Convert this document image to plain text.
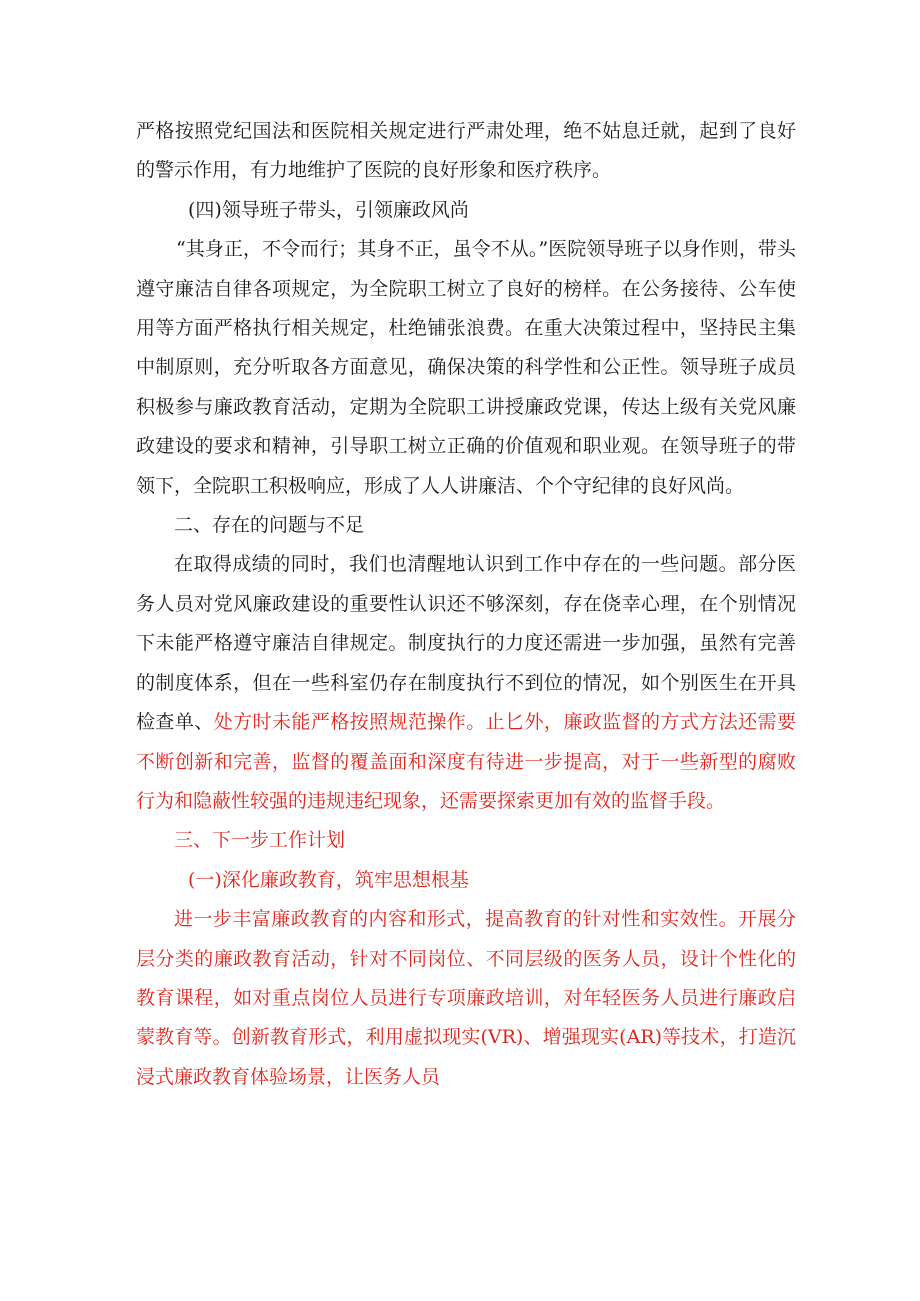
严格按照党纪国法和医院相关规定进行严肃处理，绝不姑息迁就，起到了良好的警示作用，有力地维护了医院的良好形象和医疗秩序。

(四)领导班子带头，引领廉政风尚

“其身正，不令而行；其身不正，虽令不从。”医院领导班子以身作则，带头遵守廉洁自律各项规定，为全院职工树立了良好的榜样。在公务接待、公车使用等方面严格执行相关规定，杜绝铺张浪费。在重大决策过程中，坚持民主集中制原则，充分听取各方面意见，确保决策的科学性和公正性。领导班子成员积极参与廉政教育活动，定期为全院职工讲授廉政党课，传达上级有关党风廉政建设的要求和精神，引导职工树立正确的价值观和职业观。在领导班子的带领下，全院职工积极响应，形成了人人讲廉洁、个个守纪律的良好风尚。

二、存在的问题与不足

在取得成绩的同时，我们也清醒地认识到工作中存在的一些问题。部分医务人员对党风廉政建设的重要性认识还不够深刻，存在侥幸心理，在个别情况下未能严格遵守廉洁自律规定。制度执行的力度还需进一步加强，虽然有完善的制度体系，但在一些科室仍存在制度执行不到位的情况，如个别医生在开具检查单、处方时未能严格按照规范操作。止匕外，廉政监督的方式方法还需要不断创新和完善，监督的覆盖面和深度有待进一步提高，对于一些新型的腐败行为和隐蔽性较强的违规违纪现象，还需要探索更加有效的监督手段。

三、下一步工作计划

(一)深化廉政教育，筑牢思想根基

进一步丰富廉政教育的内容和形式，提高教育的针对性和实效性。开展分层分类的廉政教育活动，针对不同岗位、不同层级的医务人员，设计个性化的教育课程，如对重点岗位人员进行专项廉政培训，对年轻医务人员进行廉政启蒙教育等。创新教育形式，利用虚拟现实(VR)、增强现实(AR)等技术，打造沉浸式廉政教育体验场景，让医务人员
